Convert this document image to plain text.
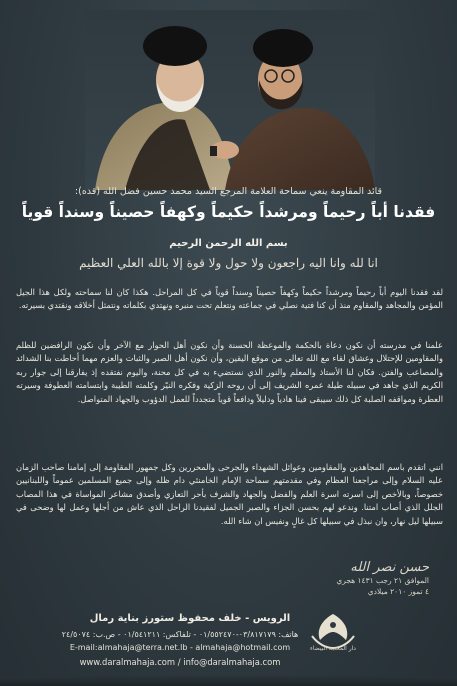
قائد المقاومة ينعي سماحة العلامة المرجع السيد محمد حسين فضل الله (قده):
فقدنا أباً رحيماً ومرشداً حكيماً وكهفاً حصيناً وسنداً قوياً
بسم الله الرحمن الرحيم
انا لله وانا اليه راجعون ولا حول ولا قوة إلا بالله العلي العظيم
لقد فقدنا اليوم أباً رحيماً ومرشداً حكيماً وكهفاً حصيناً وسنداً قوياً في كل المراحل. هكذا كان لنا سماحته ولكل هذا الجيل المؤمن والمجاهد والمقاوم منذ أن كنا فتية نصلي في جماعته ونتعلم تحت منبره ونهتدي بكلماته ونتمثل أخلاقه ونقتدي بسيرته.
علمنا في مدرسته أن نكون دعاة بالحكمة والموعظة الحسنة وأن نكون أهل الحوار مع الآخر وأن نكون الرافضين للظلم والمقاومين للإحتلال وعشاق لقاء مع الله تعالى من موقع اليقين، وأن نكون أهل الصبر والثبات والعزم مهما أحاطت بنا الشدائد والمصاعب والفتن. فكان لنا الأستاذ والمعلم والنور الذي نستضيء به في كل محنة، واليوم نفتقده إذ يفارقنا إلى جوار ربه الكريم الذي جاهد في سبيله طيلة عمره الشريف إلى أن روحه الزكية وفكره النيّر وكلمته الطيبة وابتسامته العطوفة وسيرته العطرة ومواقفه الصلبة كل ذلك سيبقى فينا هادياً ودليلاً ودافعاً قوياً متجدداً للعمل الدؤوب والجهاد المتواصل.
انني اتقدم باسم المجاهدين والمقاومين وعوائل الشهداء والجرحى والمحررين وكل جمهور المقاومة إلى إمامنا صاحب الزمان عليه السلام وإلى مراجعنا العظام وفي مقدمتهم سماحة الإمام الخامنئي دام ظله وإلى جميع المسلمين عموماً واللبنانيين خصوصاً، وبالأخص إلى اسرته اسرة العلم والفضل والجهاد والشرف بأحر التعازي وأصدق مشاعر المواساة في هذا المصاب الجلل الذي أصاب امتنا. وندعو لهم بحسن الجزاء والصبر الجميل لفقيدنا الراحل الذي عاش من أجلها وعمل لها وضحى في سبيلها ليل نهار، وان نبذل في سبيلها كل غالٍ ونفيس ان شاء الله.
حسن نصر الله
الموافق ٢١ رجب ١٤٣١ هجري
٤ تموز ٢٠١٠ ميلادي
دار المحجة البيضاء
الرويس - خلف محفوظ ستورز بناية رمال
هاتف: ٠٣/٨١٧١٧٩-٠١/٥٥٢٤٧٠ - تلفاكس: ٠١/٥٤١٢١١ - ص.ب: ٢٤/٥٠٧٤
E-mail:almahaja@terra.net.lb - almahaja@hotmail.com
www.daralmahaja.com / info@daralmahaja.com
